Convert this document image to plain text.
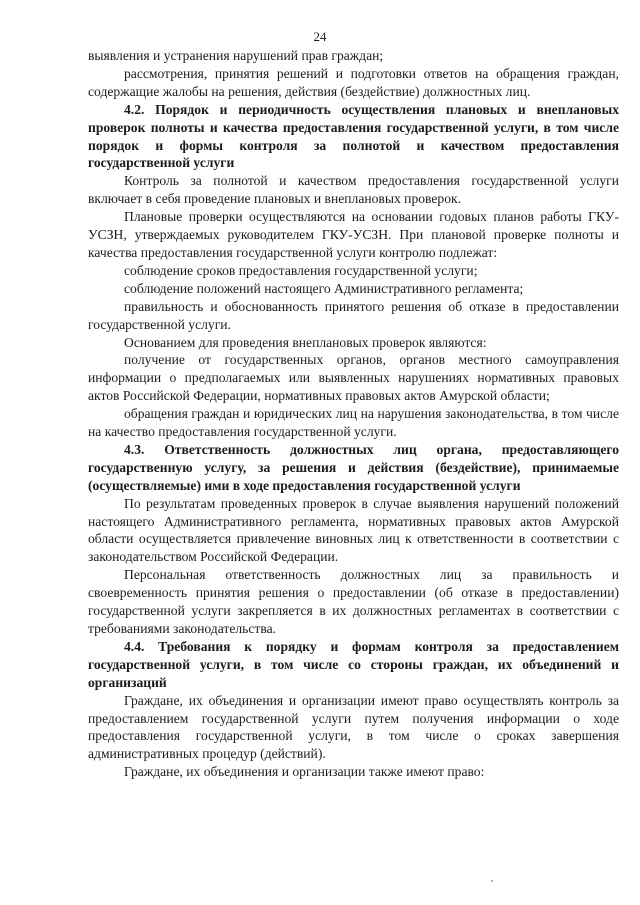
24

выявления и устранения нарушений прав граждан;

рассмотрения, принятия решений и подготовки ответов на обращения граждан, содержащие жалобы на решения, действия (бездействие) должностных лиц.

4.2. Порядок и периодичность осуществления плановых и внеплановых проверок полноты и качества предоставления государственной услуги, в том числе порядок и формы контроля за полнотой и качеством предоставления государственной услуги

Контроль за полнотой и качеством предоставления государственной услуги включает в себя проведение плановых и внеплановых проверок.

Плановые проверки осуществляются на основании годовых планов работы ГКУ-УСЗН, утверждаемых руководителем ГКУ-УСЗН. При плановой проверке полноты и качества предоставления государственной услуги контролю подлежат:

соблюдение сроков предоставления государственной услуги;

соблюдение положений настоящего Административного регламента;

правильность и обоснованность принятого решения об отказе в предоставлении государственной услуги.

Основанием для проведения внеплановых проверок являются:

получение от государственных органов, органов местного самоуправления информации о предполагаемых или выявленных нарушениях нормативных правовых актов Российской Федерации, нормативных правовых актов Амурской области;

обращения граждан и юридических лиц на нарушения законодательства, в том числе на качество предоставления государственной услуги.

4.3. Ответственность должностных лиц органа, предоставляющего государственную услугу, за решения и действия (бездействие), принимаемые (осуществляемые) ими в ходе предоставления государственной услуги

По результатам проведенных проверок в случае выявления нарушений положений настоящего Административного регламента, нормативных правовых актов Амурской области осуществляется привлечение виновных лиц к ответственности в соответствии с законодательством Российской Федерации.

Персональная ответственность должностных лиц за правильность и своевременность принятия решения о предоставлении (об отказе в предоставлении) государственной услуги закрепляется в их должностных регламентах в соответствии с требованиями законодательства.

4.4. Требования к порядку и формам контроля за предоставлением государственной услуги, в том числе со стороны граждан, их объединений и организаций

Граждане, их объединения и организации имеют право осуществлять контроль за предоставлением государственной услуги путем получения информации о ходе предоставления государственной услуги, в том числе о сроках завершения административных процедур (действий).

Граждане, их объединения и организации также имеют право:
